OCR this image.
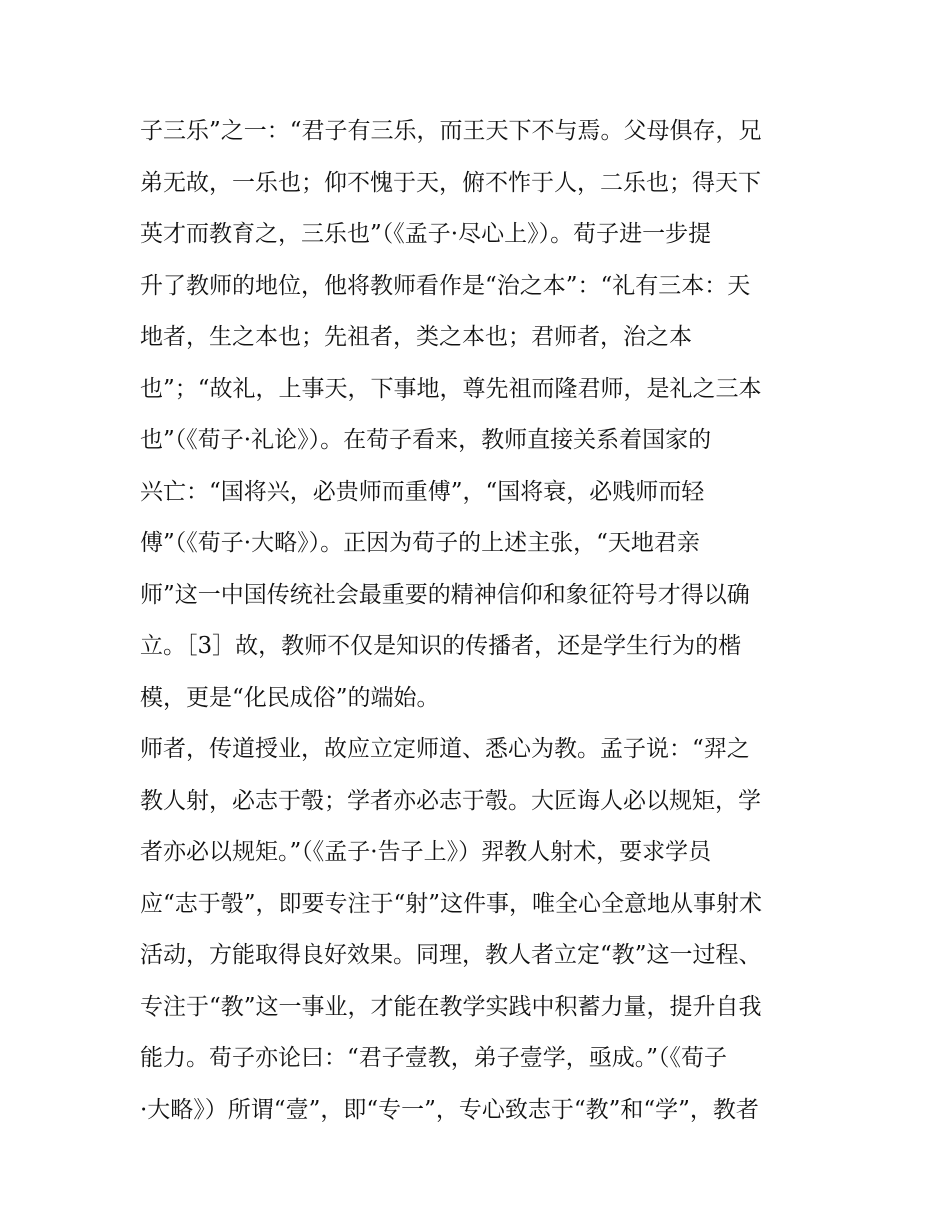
子三乐”之一：“君子有三乐，而王天下不与焉。父母俱存，兄
弟无故，一乐也；仰不愧于天，俯不怍于人，二乐也；得天下
英才而教育之，三乐也”（《孟子·尽心上》）。荀子进一步提
升了教师的地位，他将教师看作是“治之本”：“礼有三本：天
地者，生之本也；先祖者，类之本也；君师者，治之本
也”；“故礼，上事天，下事地，尊先祖而隆君师，是礼之三本
也”（《荀子·礼论》）。在荀子看来，教师直接关系着国家的
兴亡：“国将兴，必贵师而重傅”，“国将衰，必贱师而轻
傅”（《荀子·大略》）。正因为荀子的上述主张，“天地君亲
师”这一中国传统社会最重要的精神信仰和象征符号才得以确
立。［3］故，教师不仅是知识的传播者，还是学生行为的楷
模，更是“化民成俗”的端始。
师者，传道授业，故应立定师道、悉心为教。孟子说：“羿之
教人射，必志于彀；学者亦必志于彀。大匠诲人必以规矩，学
者亦必以规矩。”（《孟子·告子上》）羿教人射术，要求学员
应“志于彀”，即要专注于“射”这件事，唯全心全意地从事射术
活动，方能取得良好效果。同理，教人者立定“教”这一过程、
专注于“教”这一事业，才能在教学实践中积蓄力量，提升自我
能力。荀子亦论曰：“君子壹教，弟子壹学，亟成。”（《荀子
·大略》）所谓“壹”，即“专一”，专心致志于“教”和“学”，教者
